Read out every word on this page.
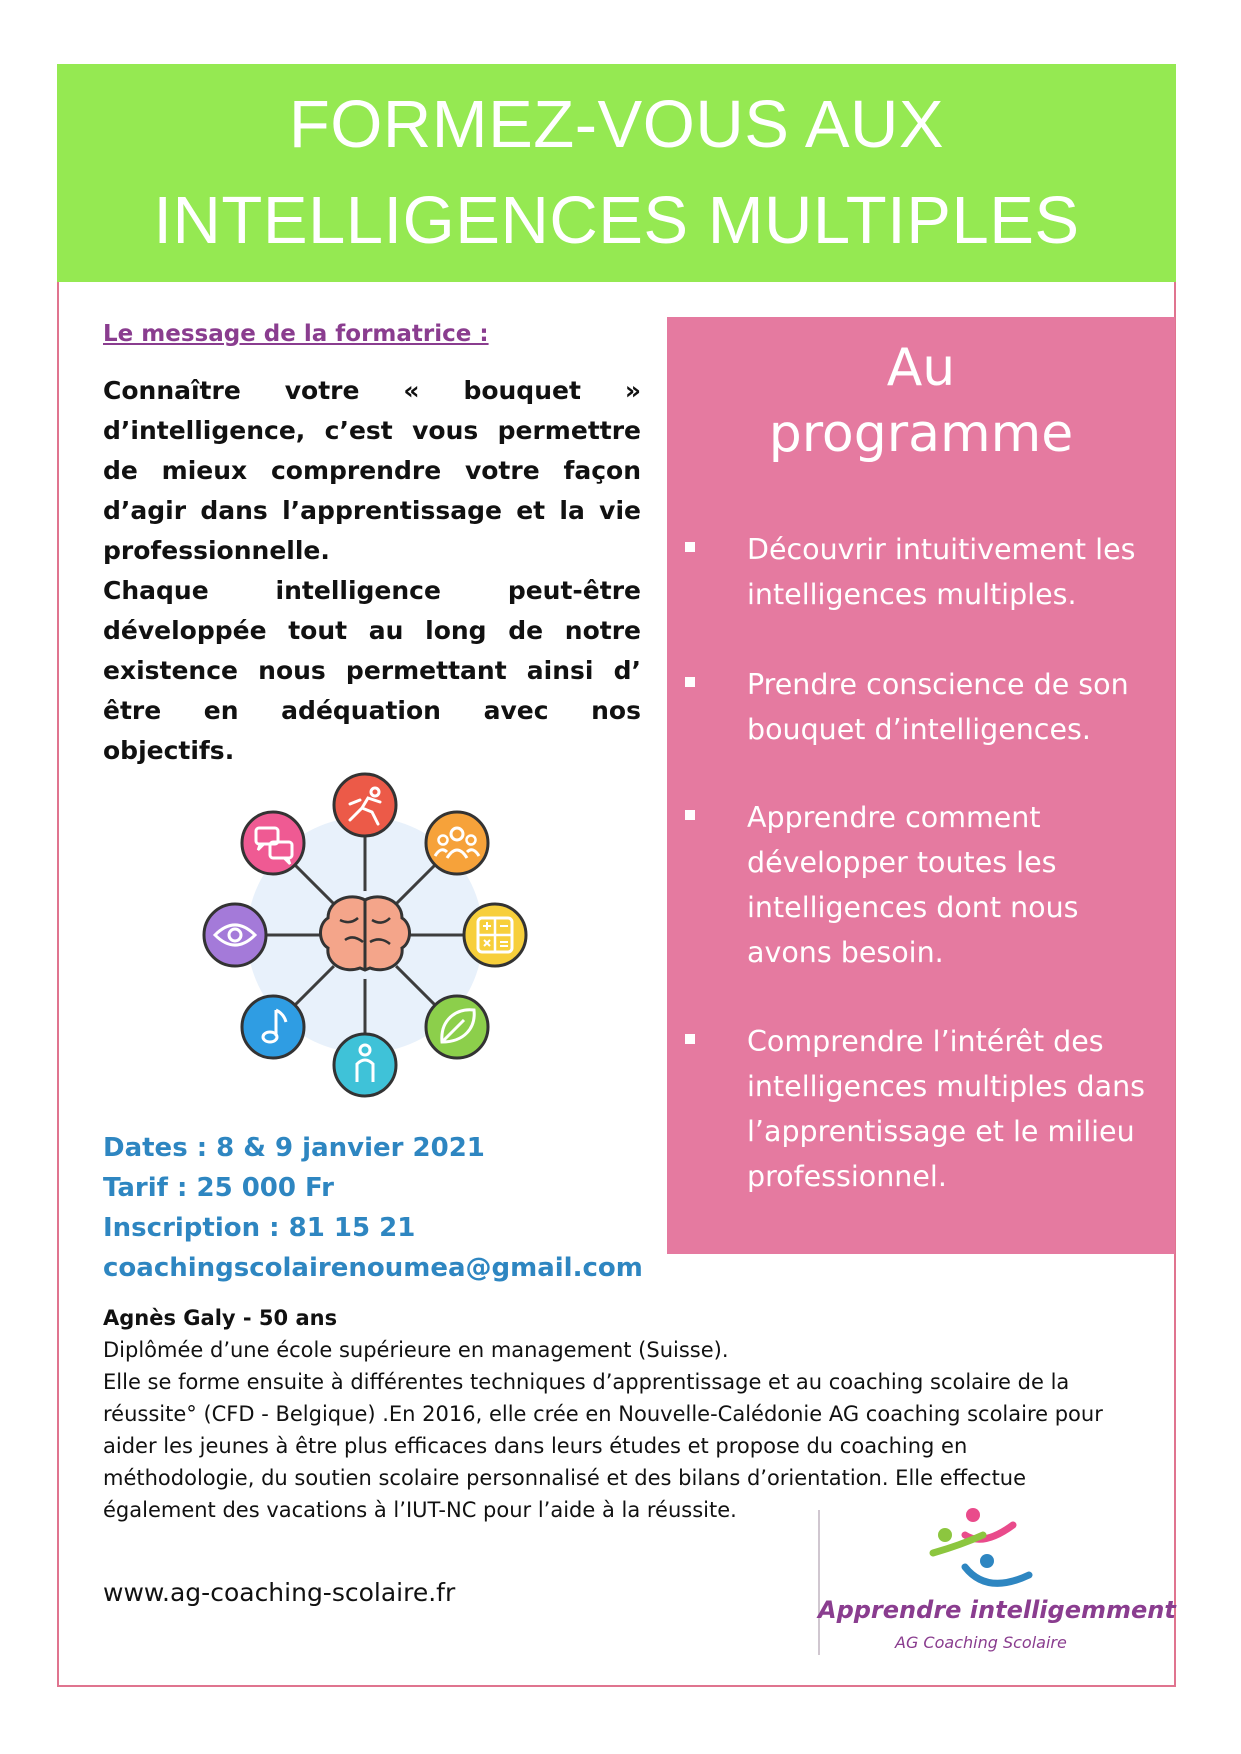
FORMEZ-VOUS AUX
INTELLIGENCES MULTIPLES
Le message de la formatrice :

Connaître votre « bouquet » d’intelligence, c’est vous permettre de mieux comprendre votre façon d’agir dans l’apprentissage et la vie professionnelle.

Chaque intelligence peut-être développée tout au long de notre existence nous permettant ainsi d’ être en adéquation avec nos objectifs.

Dates : 8 & 9 janvier 2021
Tarif : 25 000 Fr
Inscription : 81 15 21
coachingscolairenoumea@gmail.com
Au
programme
Découvrir intuitivement les intelligences multiples.
Prendre conscience de son bouquet d’intelligences.
Apprendre comment développer toutes les intelligences dont nous avons besoin.
Comprendre l’intérêt des intelligences multiples dans l’apprentissage et le milieu professionnel.
Agnès Galy - 50 ans

Diplômée d’une école supérieure en management (Suisse).

Elle se forme ensuite à différentes techniques d’apprentissage et au coaching scolaire de la réussite° (CFD - Belgique) .En 2016, elle crée en Nouvelle-Calédonie AG coaching scolaire pour aider les jeunes à être plus efficaces dans leurs études et propose du coaching en méthodologie, du soutien scolaire personnalisé et des bilans d’orientation. Elle effectue également des vacations à l’IUT-NC pour l’aide à la réussite.

www.ag-coaching-scolaire.fr
Apprendre intelligemment
AG Coaching Scolaire
